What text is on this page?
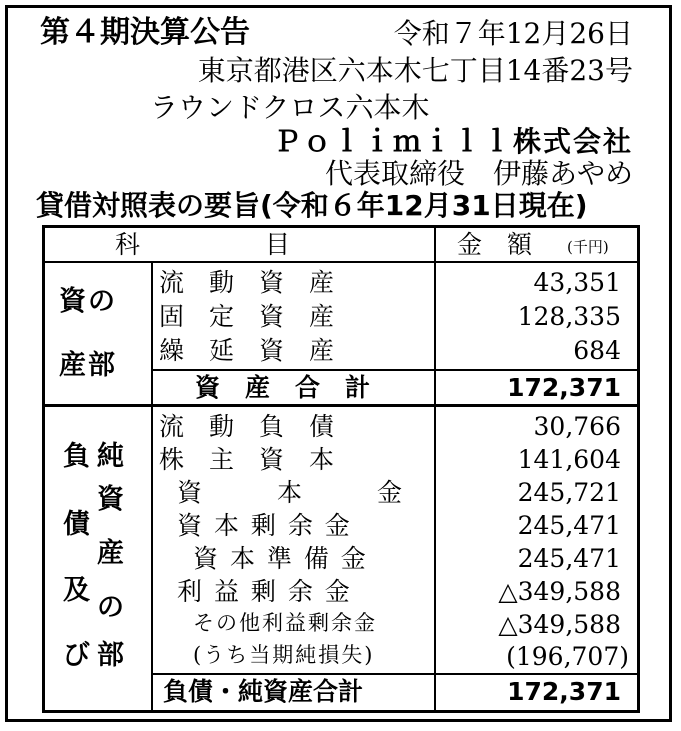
第４期決算公告	令和７年12月26日
東京都港区六本木七丁目14番23号
ラウンドクロス六本木
Ｐｏｌｉｍｉｌｌ株式会社
代表取締役　伊藤あやめ
貸借対照表の要旨(令和６年12月31日現在)
科　　　　　目	金　額 (千円)
資の
産部
流　動　資　産	43,351
固　定　資　産	128,335
繰　延　資　産	684
資　産　合　計	172,371
負
債
及
び
純
資
産
の
部
流　動　負　債	30,766
株　主　資　本	141,604
資　　　本　　　金	245,721
資 本 剰 余 金	245,471
資 本 準 備 金	245,471
利 益 剰 余 金	△349,588
その他利益剰余金	△349,588
(うち当期純損失)	(196,707)
負債・純資産合計	172,371
